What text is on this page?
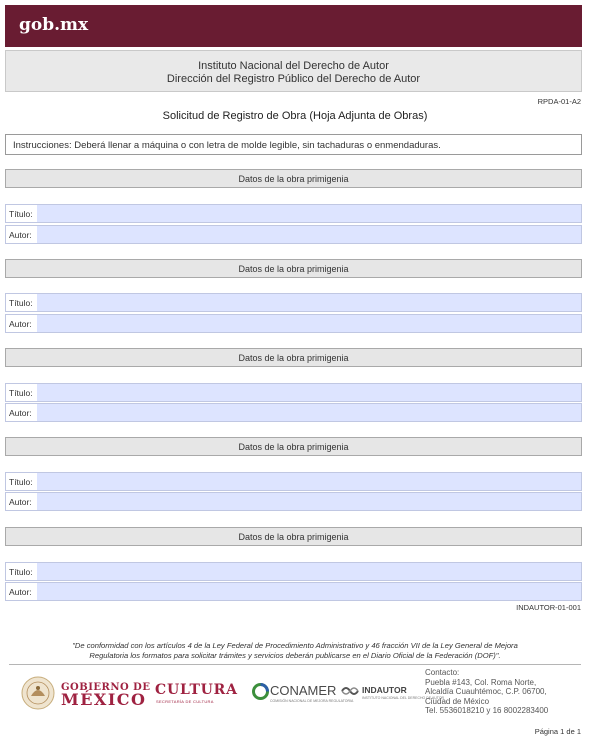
gob.mx
Instituto Nacional del Derecho de Autor
Dirección del Registro Público del Derecho de Autor
RPDA-01-A2
Solicitud de Registro de Obra (Hoja Adjunta de Obras)
Instrucciones: Deberá llenar a máquina o con letra de molde legible, sin tachaduras o enmendaduras.
Datos de la obra primigenia
Título:
Autor:
Datos de la obra primigenia
Título:
Autor:
Datos de la obra primigenia
Título:
Autor:
Datos de la obra primigenia
Título:
Autor:
Datos de la obra primigenia
Título:
Autor:
INDAUTOR-01-001
"De conformidad con los artículos 4 de la Ley Federal de Procedimiento Administrativo y 46 fracción VII de la Ley General de Mejora
Regulatoria los formatos para solicitar trámites y servicios deberán publicarse en el Diario Oficial de la Federación (DOF)".
GOBIERNO DE
MÉXICO CULTURA
SECRETARÍA DE CULTURA
CONAMER
COMISIÓN NACIONAL DE MEJORA REGULATORIA
INDAUTOR
INSTITUTO NACIONAL DEL DERECHO DE AUTOR
Contacto:
Puebla #143, Col. Roma Norte,
Alcaldía Cuauhtémoc, C.P. 06700,
Ciudad de México
Tel. 5536018210 y 16 8002283400
Página 1 de 1
